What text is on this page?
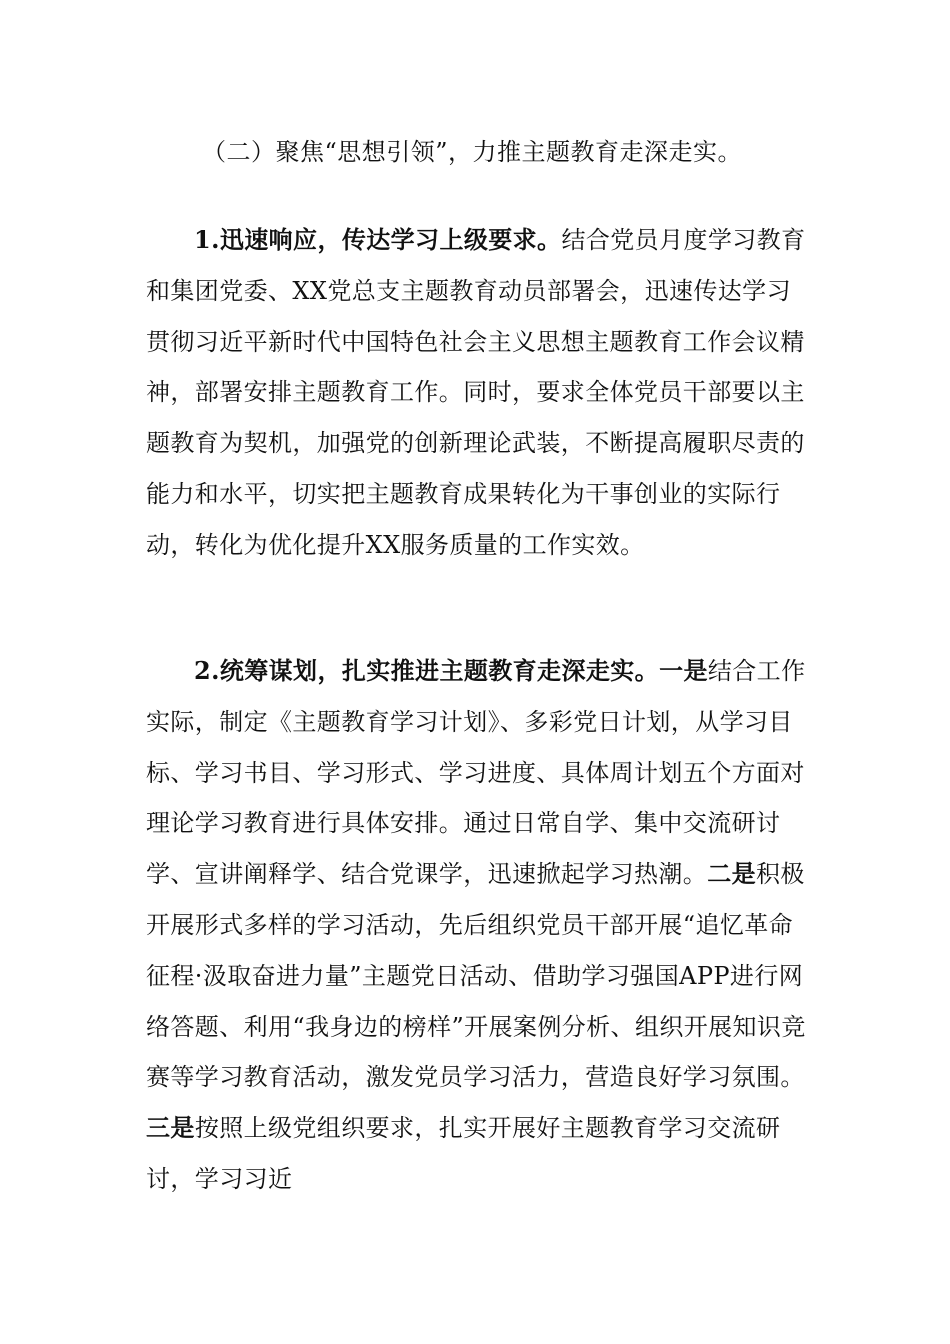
（二）聚焦“思想引领”，力推主题教育走深走实。

1.迅速响应，传达学习上级要求。结合党员月度学习教育和集团党委、XX党总支主题教育动员部署会，迅速传达学习贯彻习近平新时代中国特色社会主义思想主题教育工作会议精神，部署安排主题教育工作。同时，要求全体党员干部要以主题教育为契机，加强党的创新理论武装，不断提高履职尽责的能力和水平，切实把主题教育成果转化为干事创业的实际行动，转化为优化提升XX服务质量的工作实效。

2.统筹谋划，扎实推进主题教育走深走实。一是结合工作实际，制定《主题教育学习计划》、多彩党日计划，从学习目标、学习书目、学习形式、学习进度、具体周计划五个方面对理论学习教育进行具体安排。通过日常自学、集中交流研讨学、宣讲阐释学、结合党课学，迅速掀起学习热潮。二是积极开展形式多样的学习活动，先后组织党员干部开展“追忆革命征程·汲取奋进力量”主题党日活动、借助学习强国APP进行网络答题、利用“我身边的榜样”开展案例分析、组织开展知识竞赛等学习教育活动，激发党员学习活力，营造良好学习氛围。三是按照上级党组织要求，扎实开展好主题教育学习交流研讨，学习习近
